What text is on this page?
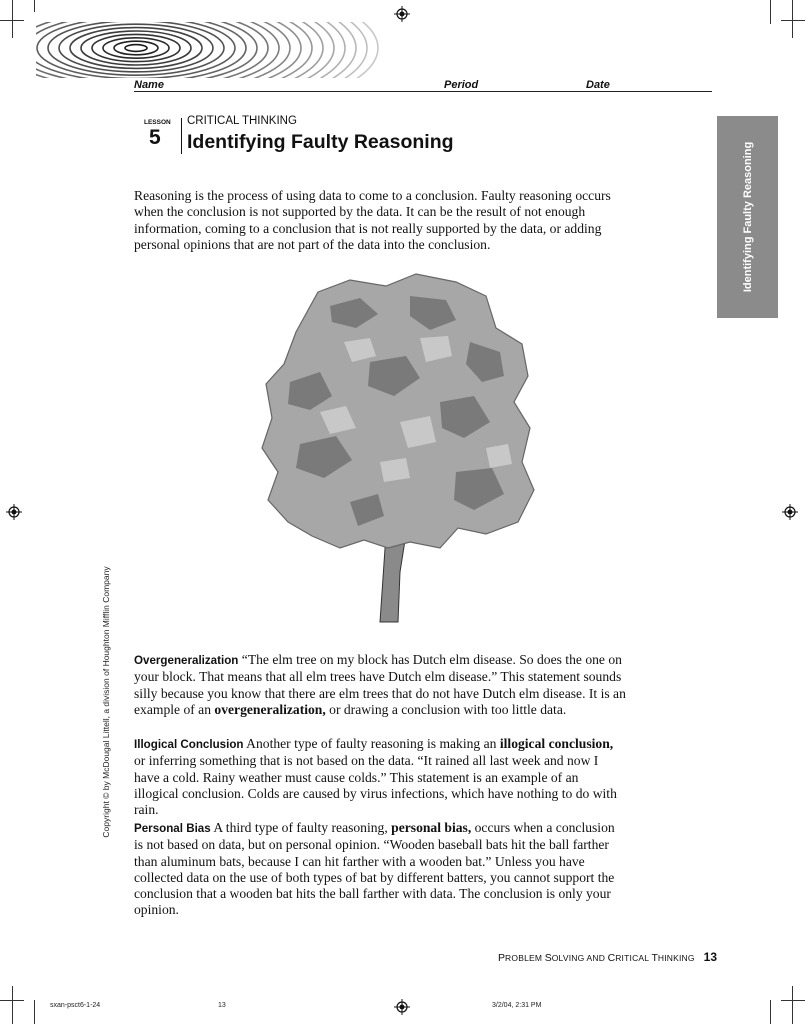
Name	Period	Date
LESSON
5
CRITICAL THINKING
Identifying Faulty Reasoning	Identifying Faulty Reasoning
Reasoning is the process of using data to come to a conclusion. Faulty reasoning occurs when the conclusion is not supported by the data. It can be the result of not enough information, coming to a conclusion that is not really supported by the data, or adding personal opinions that are not part of the data into the conclusion.
Overgeneralization “The elm tree on my block has Dutch elm disease. So does the one on your block. That means that all elm trees have Dutch elm disease.” This statement sounds silly because you know that there are elm trees that do not have Dutch elm disease. It is an example of an overgeneralization, or drawing a conclusion with too little data.
Illogical Conclusion Another type of faulty reasoning is making an illogical conclusion, or inferring something that is not based on the data. “It rained all last week and now I have a cold. Rainy weather must cause colds.” This statement is an example of an illogical conclusion. Colds are caused by virus infections, which have nothing to do with rain.
Personal Bias A third type of faulty reasoning, personal bias, occurs when a conclusion is not based on data, but on personal opinion. “Wooden baseball bats hit the ball farther than aluminum bats, because I can hit farther with a wooden bat.” Unless you have collected data on the use of both types of bat by different batters, you cannot support the conclusion that a wooden bat hits the ball farther with data. The conclusion is only your opinion.
Copyright © by McDougal Littell, a division of Houghton Mifflin Company
PROBLEM SOLVING AND CRITICAL THINKING 13
sxan-psct6-1-24	13	3/2/04, 2:31 PM
